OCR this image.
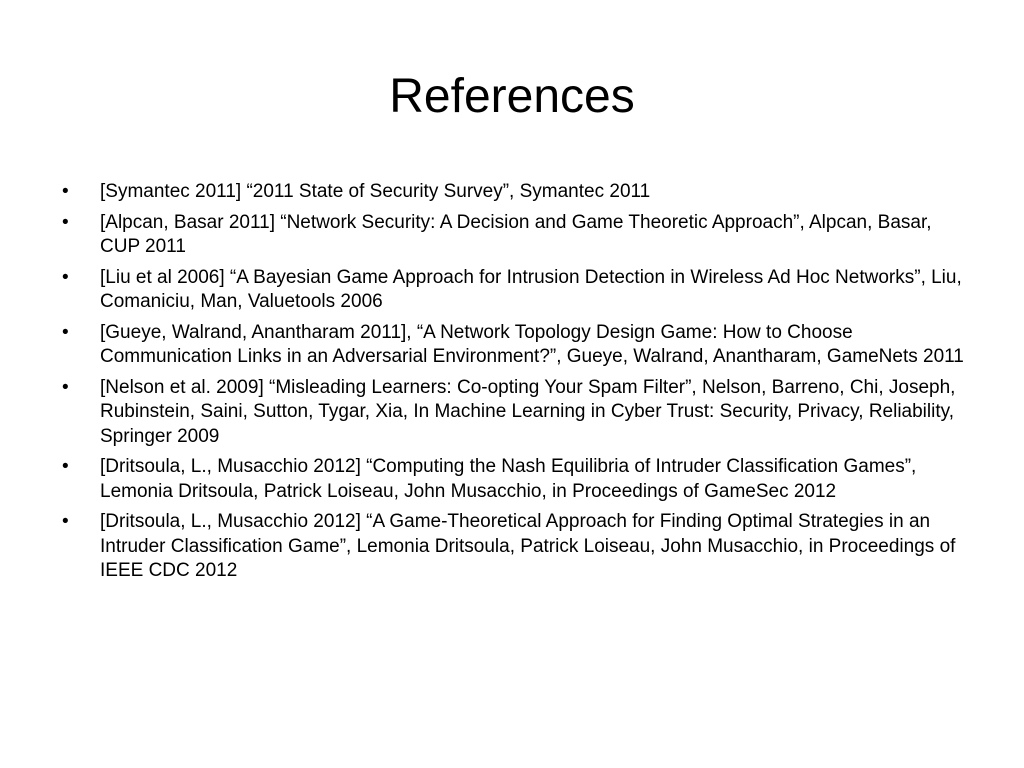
References
•	[Symantec 2011] “2011 State of Security Survey”, Symantec 2011
•	[Alpcan, Basar 2011] “Network Security: A Decision and Game Theoretic Approach”, Alpcan, Basar, CUP 2011
•	[Liu et al 2006] “A Bayesian Game Approach for Intrusion Detection in Wireless Ad Hoc Networks”, Liu, Comaniciu, Man, Valuetools 2006
•	[Gueye, Walrand, Anantharam 2011], “A Network Topology Design Game: How to Choose Communication Links in an Adversarial Environment?”, Gueye, Walrand, Anantharam, GameNets 2011
•	[Nelson et al. 2009] “Misleading Learners: Co-opting Your Spam Filter”, Nelson, Barreno, Chi, Joseph, Rubinstein, Saini, Sutton, Tygar, Xia, In Machine Learning in Cyber Trust: Security, Privacy, Reliability, Springer 2009
•	[Dritsoula, L., Musacchio 2012] “Computing the Nash Equilibria of Intruder Classification Games”, Lemonia Dritsoula, Patrick Loiseau, John Musacchio, in Proceedings of GameSec 2012
•	[Dritsoula, L., Musacchio 2012] “A Game-Theoretical Approach for Finding Optimal Strategies in an Intruder Classification Game”, Lemonia Dritsoula, Patrick Loiseau, John Musacchio, in Proceedings of IEEE CDC 2012
